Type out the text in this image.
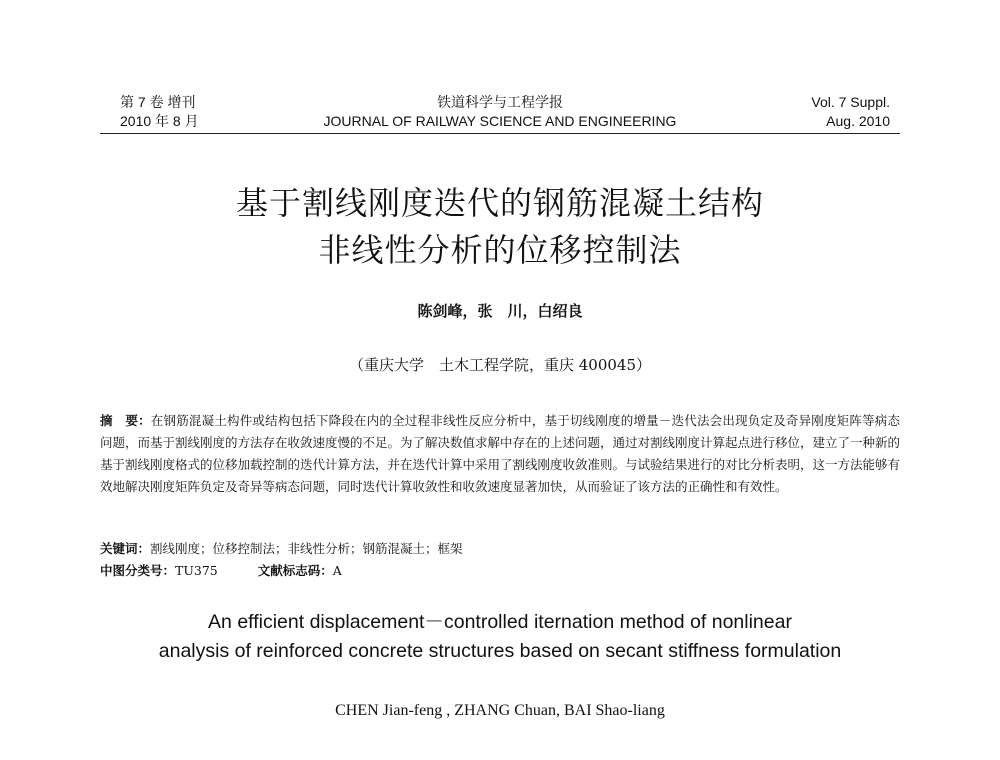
第 7 卷 增刊
2010 年 8 月
铁道科学与工程学报
JOURNAL OF RAILWAY SCIENCE AND ENGINEERING
Vol. 7 Suppl.
Aug. 2010
基于割线刚度迭代的钢筋混凝土结构
非线性分析的位移控制法
陈剑峰，张　川，白绍良
（重庆大学　土木工程学院，重庆 400045）
摘　要：在钢筋混凝土构件或结构包括下降段在内的全过程非线性反应分析中，基于切线刚度的增量－迭代法会出现负定及奇异刚度矩阵等病态问题，而基于割线刚度的方法存在收敛速度慢的不足。为了解决数值求解中存在的上述问题，通过对割线刚度计算起点进行移位，建立了一种新的基于割线刚度格式的位移加载控制的迭代计算方法，并在迭代计算中采用了割线刚度收敛准则。与试验结果进行的对比分析表明，这一方法能够有效地解决刚度矩阵负定及奇异等病态问题，同时迭代计算收敛性和收敛速度显著加快，从而验证了该方法的正确性和有效性。
关键词：割线刚度；位移控制法；非线性分析；钢筋混凝土；框架
中图分类号：TU375	文献标志码：A
An efficient displacement－controlled iternation method of nonlinear
analysis of reinforced concrete structures based on secant stiffness formulation
CHEN Jian-feng , ZHANG Chuan, BAI Shao-liang
